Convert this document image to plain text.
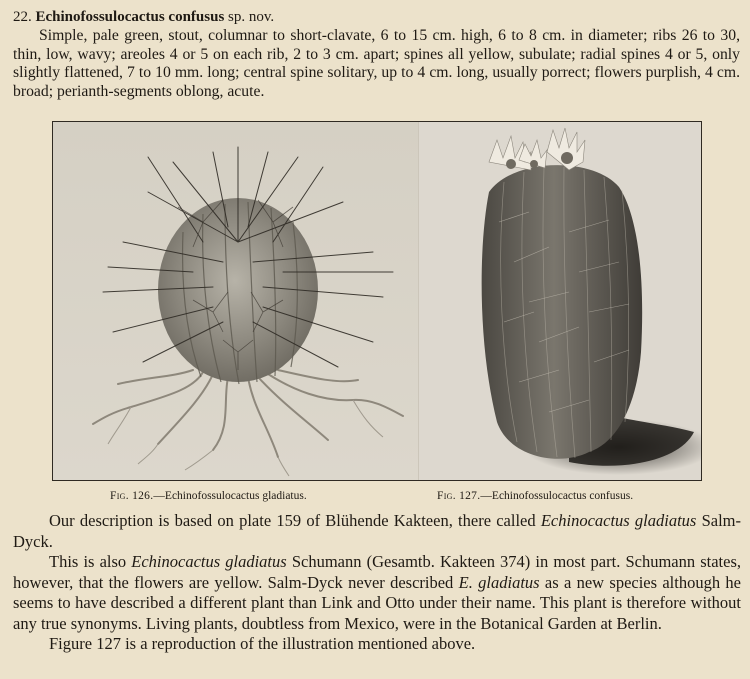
22. Echinofossulocactus confusus sp. nov.

Simple, pale green, stout, columnar to short-clavate, 6 to 15 cm. high, 6 to 8 cm. in diameter; ribs 26 to 30, thin, low, wavy; areoles 4 or 5 on each rib, 2 to 3 cm. apart; spines all yellow, subulate; radial spines 4 or 5, only slightly flattened, 7 to 10 mm. long; central spine solitary, up to 4 cm. long, usually porrect; flowers purplish, 4 cm. broad; perianth-segments oblong, acute.

Fig. 126.—Echinofossulocactus gladiatus.	Fig. 127.—Echinofossulocactus confusus.

Our description is based on plate 159 of Blühende Kakteen, there called Echinocactus gladiatus Salm-Dyck.

This is also Echinocactus gladiatus Schumann (Gesamtb. Kakteen 374) in most part. Schumann states, however, that the flowers are yellow. Salm-Dyck never described E. gladiatus as a new species although he seems to have described a different plant than Link and Otto under their name. This plant is therefore without any true synonyms. Living plants, doubtless from Mexico, were in the Botanical Garden at Berlin.

Figure 127 is a reproduction of the illustration mentioned above.
